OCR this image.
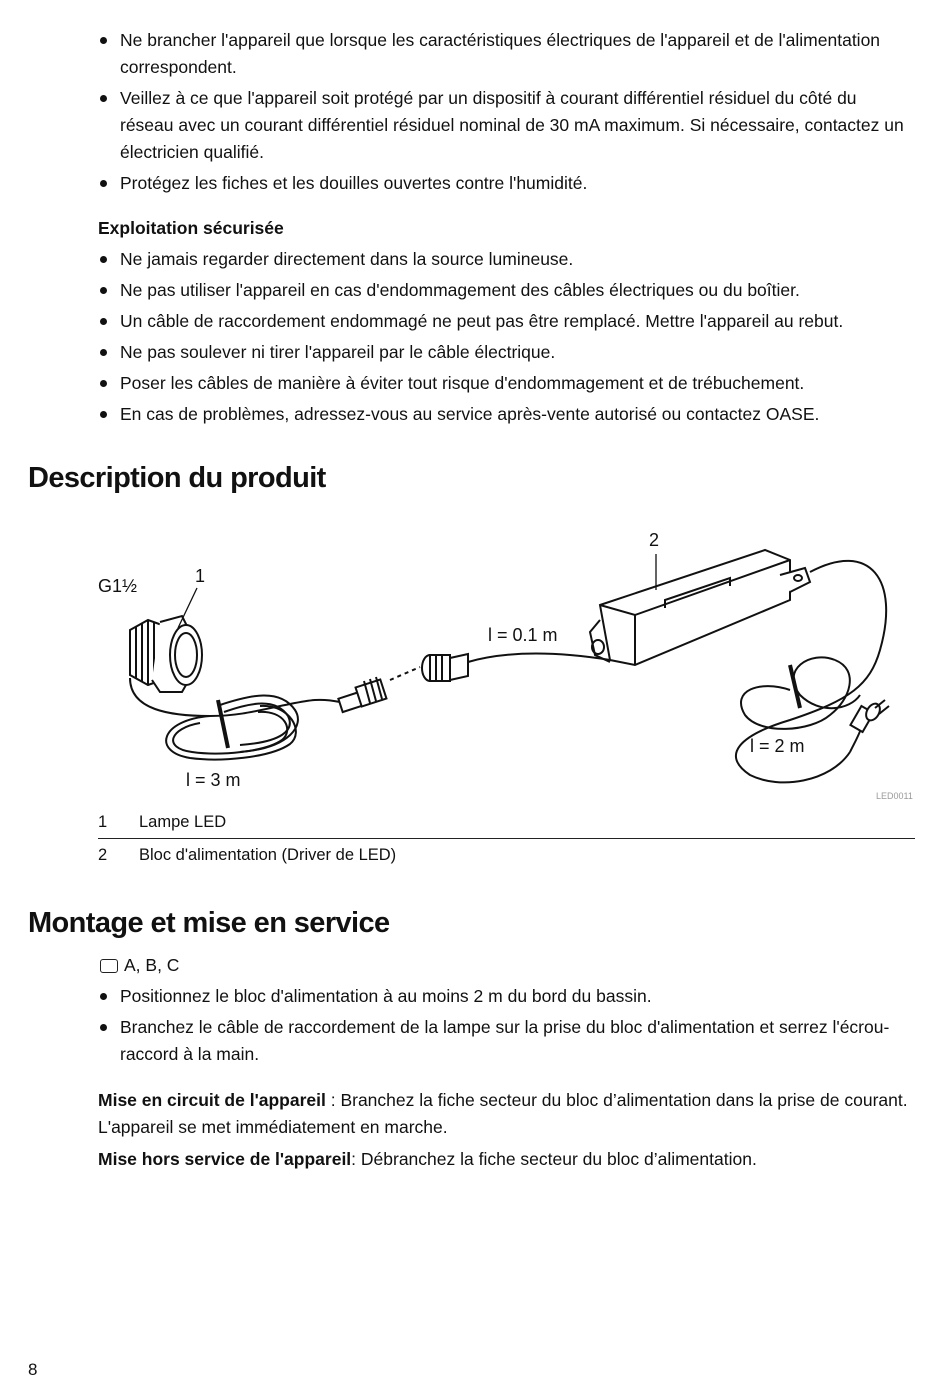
Ne brancher l'appareil que lorsque les caractéristiques électriques de l'appareil et de l'alimentation correspondent.
Veillez à ce que l'appareil soit protégé par un dispositif à courant différentiel résiduel du côté du réseau avec un courant différentiel résiduel nominal de 30 mA maximum. Si nécessaire, contactez un électricien qualifié.
Protégez les fiches et les douilles ouvertes contre l'humidité.
Exploitation sécurisée
Ne jamais regarder directement dans la source lumineuse.
Ne pas utiliser l'appareil en cas d'endommagement des câbles électriques ou du boîtier.
Un câble de raccordement endommagé ne peut pas être remplacé. Mettre l'appareil au rebut.
Ne pas soulever ni tirer l'appareil par le câble électrique.
Poser les câbles de manière à éviter tout risque d'endommagement et de trébuchement.
En cas de problèmes, adressez-vous au service après-vente autorisé ou contactez OASE.
Description du produit
G1½	1
2
l = 0.1 m
l = 3 m
l = 2 m
LED0011
1	Lampe LED
2	Bloc d'alimentation (Driver de LED)
Montage et mise en service
A, B, C
Positionnez le bloc d'alimentation à au moins 2 m du bord du bassin.
Branchez le câble de raccordement de la lampe sur la prise du bloc d'alimentation et serrez l'écrou-raccord à la main.

Mise en circuit de l'appareil : Branchez la fiche secteur du bloc d’alimentation dans la prise de courant. L'appareil se met immédiatement en marche.

Mise hors service de l'appareil: Débranchez la fiche secteur du bloc d’alimentation.

8
